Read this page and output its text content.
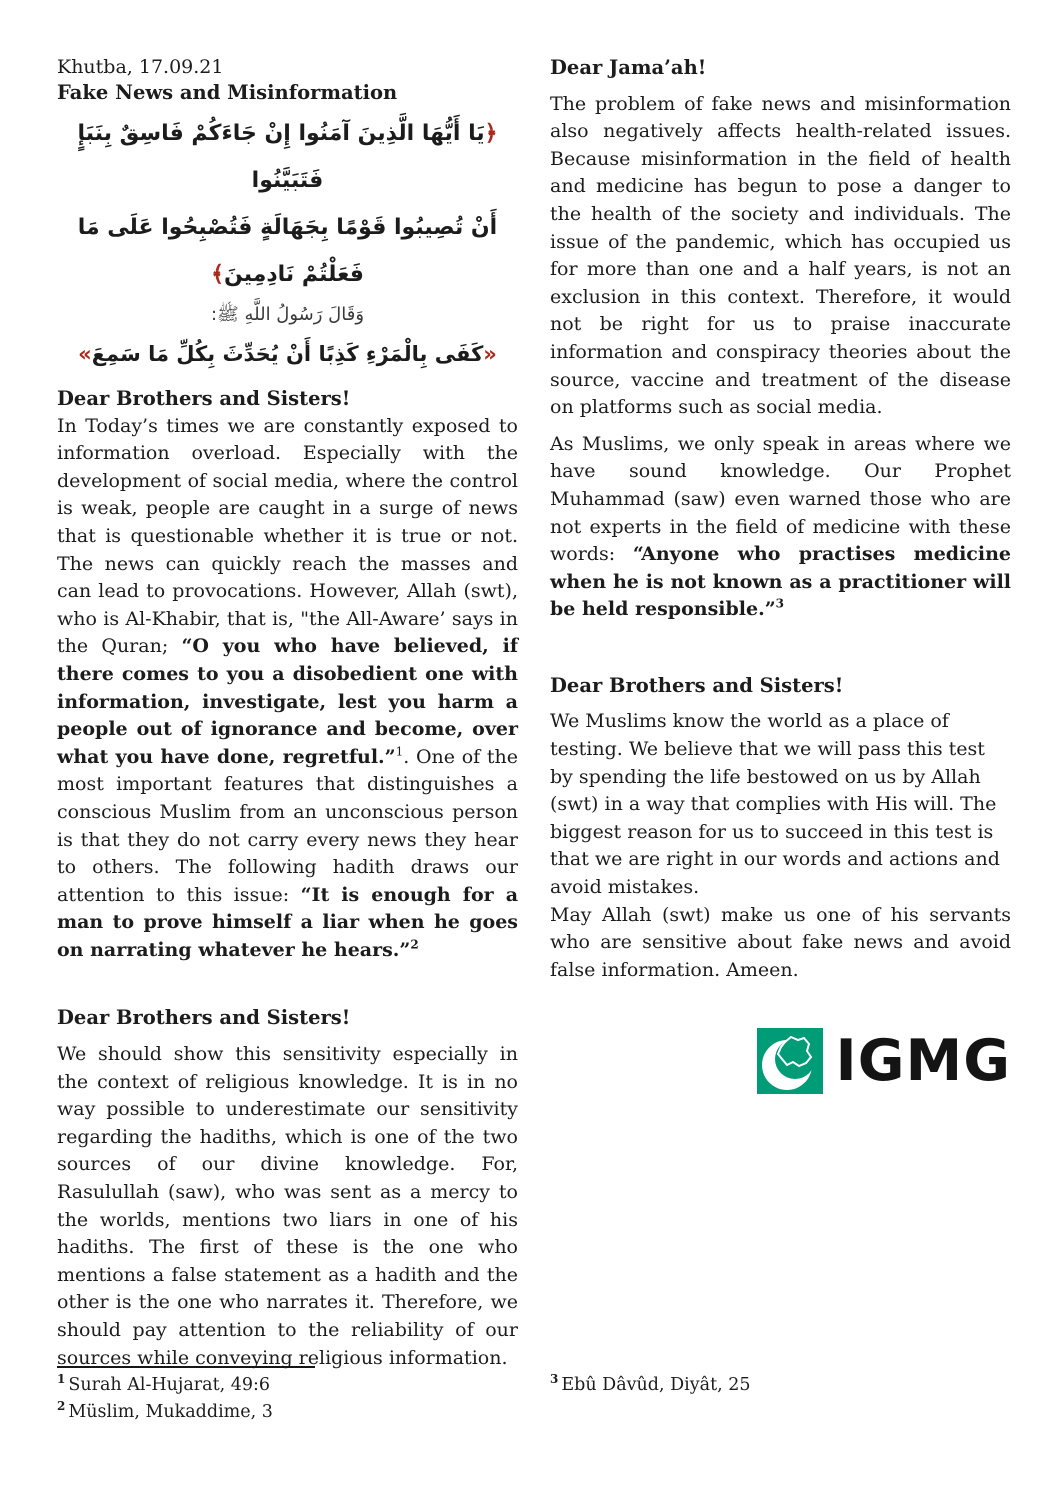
Khutba, 17.09.21
Fake News and Misinformation
﴿يَا أَيُّهَا الَّذِينَ آمَنُوا إِنْ جَاءَكُمْ فَاسِقٌ بِنَبَإٍ فَتَبَيَّنُوا
أَنْ تُصِيبُوا قَوْمًا بِجَهَالَةٍ فَتُصْبِحُوا عَلَى مَا فَعَلْتُمْ نَادِمِينَ﴾
وَقَالَ رَسُولُ اللَّهِ ﷺ:
«كَفَى بِالْمَرْءِ كَذِبًا أَنْ يُحَدِّثَ بِكُلِّ مَا سَمِعَ»

Dear Brothers and Sisters!

In Today’s times we are constantly exposed to information overload. Especially with the development of social media, where the control is weak, people are caught in a surge of news that is questionable whether it is true or not. The news can quickly reach the masses and can lead to provocations. However, Allah (swt), who is Al-Khabir, that is, "the All-Aware’ says in the Quran; “O you who have believed, if there comes to you a disobedient one with information, investigate, lest you harm a people out of ignorance and become, over what you have done, regretful.”$^1$. One of the most important features that distinguishes a conscious Muslim from an unconscious person is that they do not carry every news they hear to others. The following hadith draws our attention to this issue: “It is enough for a man to prove himself a liar when he goes on narrating whatever he hears.”$^2$

Dear Brothers and Sisters!

We should show this sensitivity especially in the context of religious knowledge. It is in no way possible to underestimate our sensitivity regarding the hadiths, which is one of the two sources of our divine knowledge. For, Rasulullah (saw), who was sent as a mercy to the worlds, mentions two liars in one of his hadiths. The first of these is the one who mentions a false statement as a hadith and the other is the one who narrates it. Therefore, we should pay attention to the reliability of our sources while conveying religious information.

Dear Jama’ah!

The problem of fake news and misinformation also negatively affects health-related issues. Because misinformation in the field of health and medicine has begun to pose a danger to the health of the society and individuals. The issue of the pandemic, which has occupied us for more than one and a half years, is not an exclusion in this context. Therefore, it would not be right for us to praise inaccurate information and conspiracy theories about the source, vaccine and treatment of the disease on platforms such as social media.

As Muslims, we only speak in areas where we have sound knowledge. Our Prophet Muhammad (saw) even warned those who are not experts in the field of medicine with these words: “Anyone who practises medicine when he is not known as a practitioner will be held responsible.”$^3$

Dear Brothers and Sisters!

We Muslims know the world as a place of testing. We believe that we will pass this test by spending the life bestowed on us by Allah (swt) in a way that complies with His will. The biggest reason for us to succeed in this test is that we are right in our words and actions and avoid mistakes.

May Allah (swt) make us one of his servants who are sensitive about fake news and avoid false information. Ameen.

IGMG
$^1$ Surah Al-Hujarat, 49:6
$^2$ Müslim, Mukaddime, 3
$^3$ Ebû Dâvûd, Diyât, 25
